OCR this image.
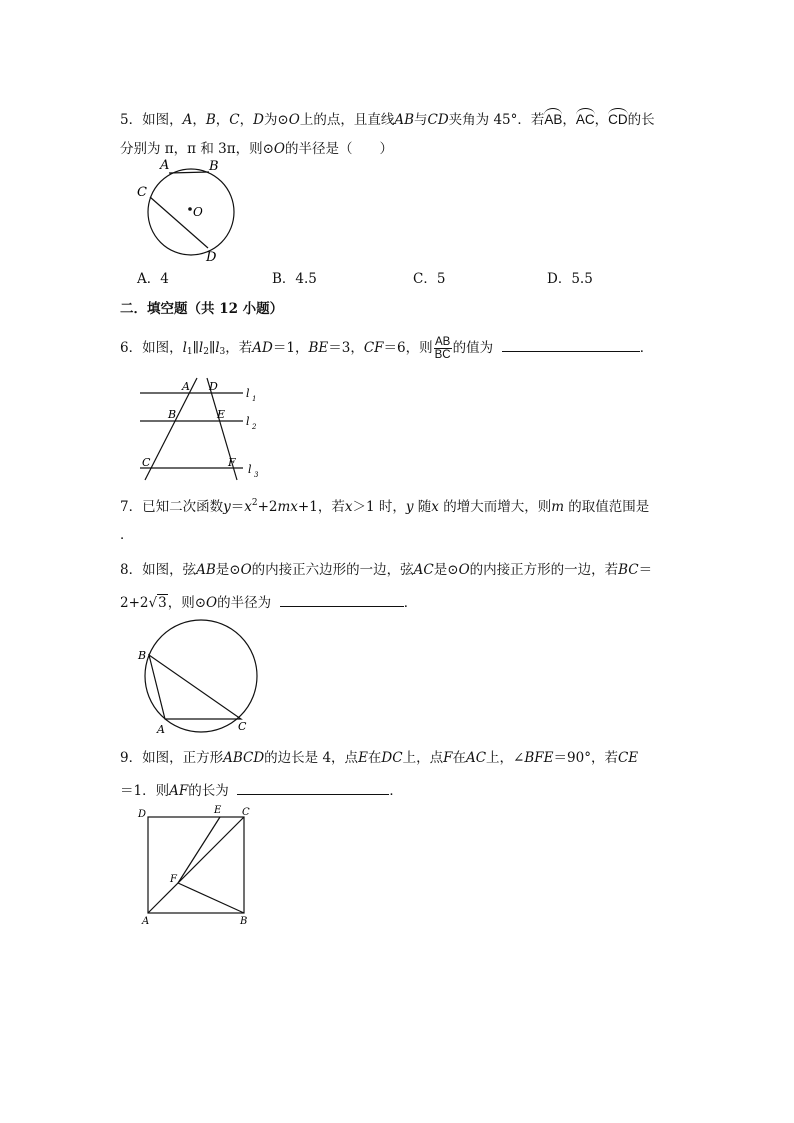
5．如图，A，B，C，D为⊙O上的点，且直线AB与CD夹角为 45°．若AB，AC，CD的长
分别为 π，π 和 3π，则⊙O的半径是（　　）
A	B
C
O
D
A．4	B．4.5	C．5	D．5.5
二．填空题（共 12 小题）
6．如图，$l_1\parallel l_2\parallel l_3$，若AD＝1，BE＝3，CF＝6，则 $\frac{AB}{BC}$ 的值为	．
A D
B	E
C	F
l 1
l 2
l 3
7．已知二次函数$y=x^2+2mx+1$，若x＞1 时，y 随x 的增大而增大，则m 的取值范围是
．
8．如图，弦AB是⊙O的内接正六边形的一边，弦AC是⊙O的内接正方形的一边，若BC＝
2+2√3，则⊙O的半径为	．
B
A	C
9．如图，正方形ABCD的边长是 4，点E在DC上，点F在AC上，∠BFE＝90°，若CE
＝1．则AF的长为	．
D	E C
F
A	B
